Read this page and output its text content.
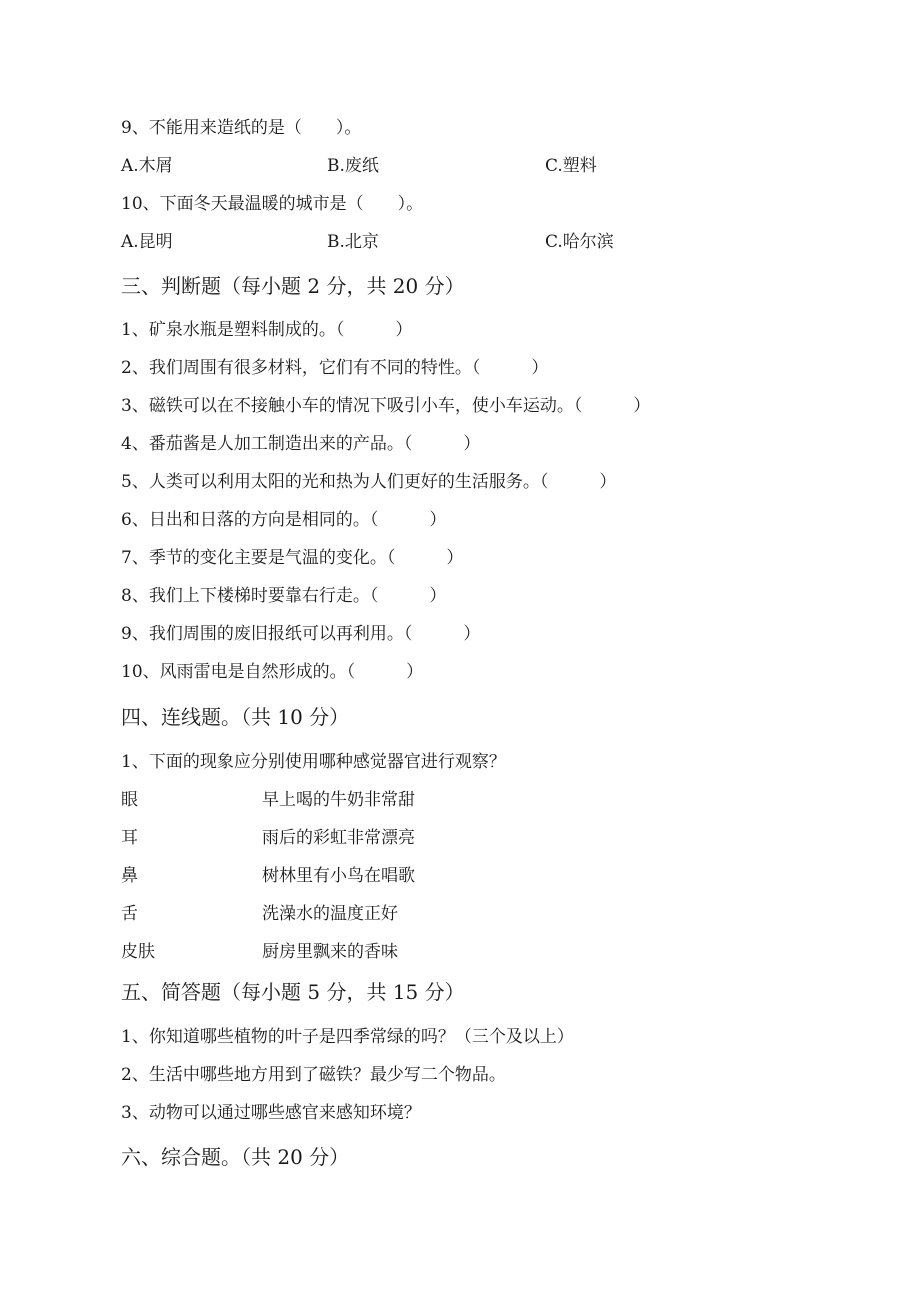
9、不能用来造纸的是（　　）。
A.木屑	B.废纸	C.塑料
10、下面冬天最温暖的城市是（　　）。
A.昆明	B.北京	C.哈尔滨
三、判断题（每小题 2 分，共 20 分）
1、矿泉水瓶是塑料制成的。（　　　）
2、我们周围有很多材料，它们有不同的特性。（　　　）
3、磁铁可以在不接触小车的情况下吸引小车，使小车运动。（　　　）
4、番茄酱是人加工制造出来的产品。（　　　）
5、人类可以利用太阳的光和热为人们更好的生活服务。（　　　）
6、日出和日落的方向是相同的。（　　　）
7、季节的变化主要是气温的变化。（　　　）
8、我们上下楼梯时要靠右行走。（　　　）
9、我们周围的废旧报纸可以再利用。（　　　）
10、风雨雷电是自然形成的。（　　　）
四、连线题。（共 10 分）
1、下面的现象应分别使用哪种感觉器官进行观察？
眼	早上喝的牛奶非常甜
耳	雨后的彩虹非常漂亮
鼻	树林里有小鸟在唱歌
舌	洗澡水的温度正好
皮肤	厨房里飘来的香味
五、简答题（每小题 5 分，共 15 分）
1、你知道哪些植物的叶子是四季常绿的吗？（三个及以上）
2、生活中哪些地方用到了磁铁？最少写二个物品。
3、动物可以通过哪些感官来感知环境？
六、综合题。（共 20 分）
